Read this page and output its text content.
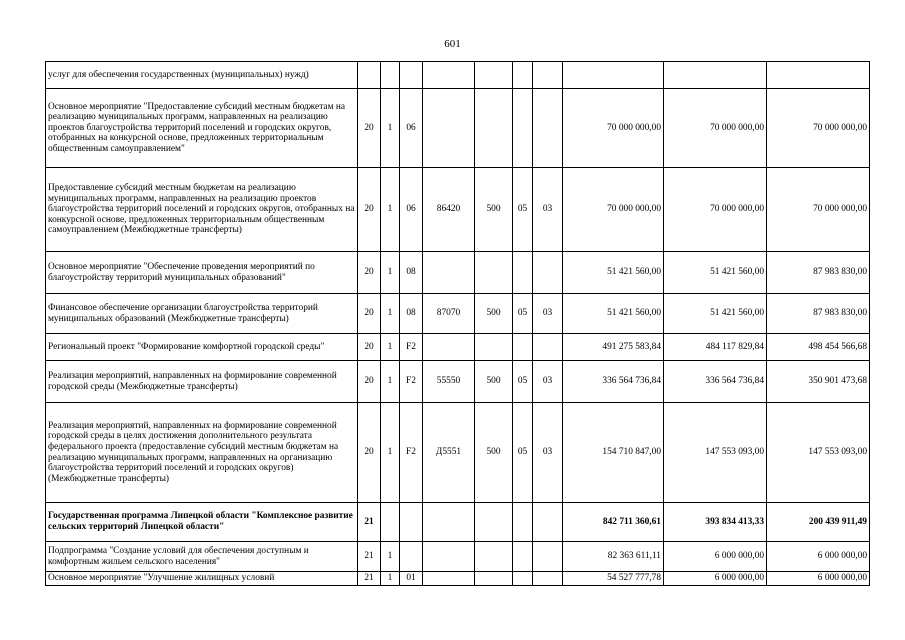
601
услуг для обеспечения государственных (муниципальных) нужд)										
Основное мероприятие "Предоставление субсидий местным бюджетам на реализацию муниципальных программ, направленных на реализацию проектов благоустройства территорий поселений и городских округов, отобранных на конкурсной основе, предложенных территориальным общественным самоуправлением"	20	1	06					70 000 000,00	70 000 000,00	70 000 000,00
Предоставление субсидий местным бюджетам на реализацию муниципальных программ, направленных на реализацию проектов благоустройства территорий поселений и городских округов, отобранных на конкурсной основе, предложенных территориальным общественным самоуправлением (Межбюджетные трансферты)	20	1	06	86420	500	05	03	70 000 000,00	70 000 000,00	70 000 000,00
Основное мероприятие "Обеспечение проведения мероприятий по благоустройству территорий муниципальных образований"	20	1	08					51 421 560,00	51 421 560,00	87 983 830,00
Финансовое обеспечение организации благоустройства территорий муниципальных образований (Межбюджетные трансферты)	20	1	08	87070	500	05	03	51 421 560,00	51 421 560,00	87 983 830,00
Региональный проект "Формирование комфортной городской среды"	20	1	F2					491 275 583,84	484 117 829,84	498 454 566,68
Реализация мероприятий, направленных на формирование современной городской среды (Межбюджетные трансферты)	20	1	F2	55550	500	05	03	336 564 736,84	336 564 736,84	350 901 473,68
Реализация мероприятий, направленных на формирование современной городской среды в целях достижения дополнительного результата федерального проекта (предоставление субсидий местным бюджетам на реализацию муниципальных программ, направленных на организацию благоустройства территорий поселений и городских округов) (Межбюджетные трансферты)	20	1	F2	Д5551	500	05	03	154 710 847,00	147 553 093,00	147 553 093,00
Государственная программа Липецкой области "Комплексное развитие сельских территорий Липецкой области"	21							842 711 360,61	393 834 413,33	200 439 911,49
Подпрограмма "Создание условий для обеспечения доступным и комфортным жильем сельского населения"	21	1						82 363 611,11	6 000 000,00	6 000 000,00
Основное мероприятие "Улучшение жилищных условий	21	1	01					54 527 777,78	6 000 000,00	6 000 000,00
